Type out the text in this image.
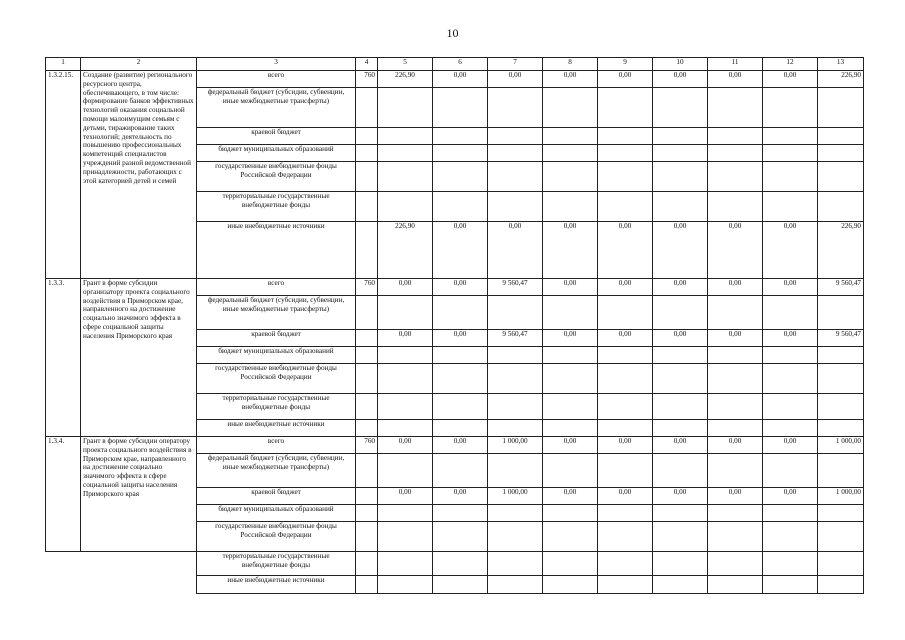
10
1	2	3	4	5	6	7	8	9	10	11	12	13
1.3.2.15.	Создание (развитие) регионального ресурсного центра, обеспечивающего, в том числе: формирование банков эффективных технологий оказания социальной помощи малоимущим семьям с детьми, тиражирование таких технологий; деятельность по повышению профессиональных компетенций специалистов учреждений разной ведомственной принадлежности, работающих с этой категорией детей и семей	всего	760	226,90	0,00	0,00	0,00	0,00	0,00	0,00	0,00	226,90
		федеральный бюджет (субсидии, субвенции, иные межбюджетные трансферты)										
		краевой бюджет										
		бюджет муниципальных образований										
		государственные внебюджетные фонды Российской Федерации										
		территориальные государственные внебюджетные фонды										
		иные внебюджетные источники		226,90	0,00	0,00	0,00	0,00	0,00	0,00	0,00	226,90
1.3.3.	Грант в форме субсидии организатору проекта социального воздействия в Приморском крае, направленного на достижение социально значимого эффекта в сфере социальной защиты населения Приморского края	всего	760	0,00	0,00	9 560,47	0,00	0,00	0,00	0,00	0,00	9 560,47
		федеральный бюджет (субсидии, субвенции, иные межбюджетные трансферты)										
		краевой бюджет		0,00	0,00	9 560,47	0,00	0,00	0,00	0,00	0,00	9 560,47
		бюджет муниципальных образований										
		государственные внебюджетные фонды Российской Федерации										
		территориальные государственные внебюджетные фонды										
		иные внебюджетные источники										
1.3.4.	Грант в форме субсидии оператору проекта социального воздействия в Приморском крае, направленного на достижение социально значимого эффекта в сфере социальной защиты населения Приморского края	всего	760	0,00	0,00	1 000,00	0,00	0,00	0,00	0,00	0,00	1 000,00
		федеральный бюджет (субсидии, субвенции, иные межбюджетные трансферты)										
		краевой бюджет		0,00	0,00	1 000,00	0,00	0,00	0,00	0,00	0,00	1 000,00
		бюджет муниципальных образований										
		государственные внебюджетные фонды Российской Федерации										
		территориальные государственные внебюджетные фонды										
		иные внебюджетные источники										
